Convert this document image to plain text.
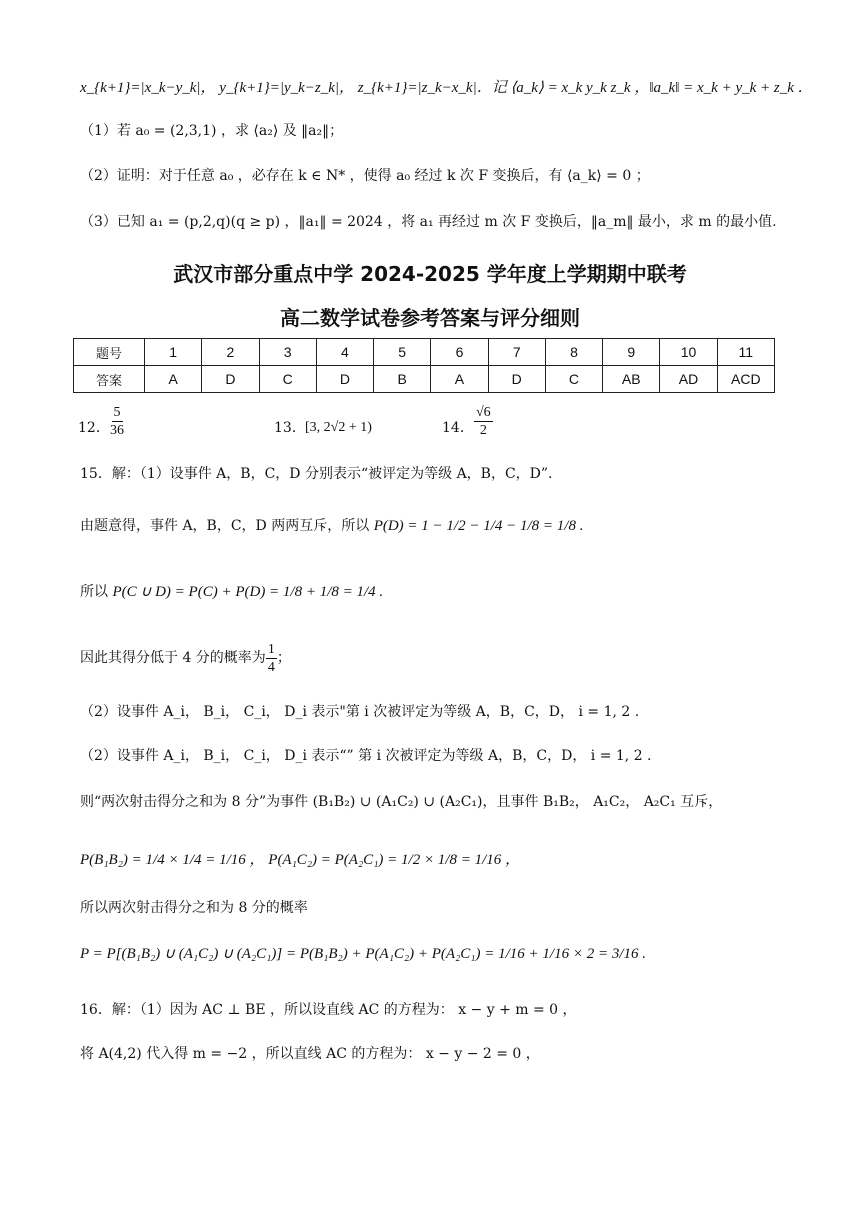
x_{k+1}=|x_k−y_k|， y_{k+1}=|y_k−z_k|， z_{k+1}=|z_k−x_k|．记 ⟨a_k⟩ = x_k y_k z_k ，‖a_k‖ = x_k + y_k + z_k ．
（1）若 a₀ = (2,3,1) ，求 ⟨a₂⟩ 及 ‖a₂‖；
（2）证明：对于任意 a₀ ，必存在 k ∈ N* ，使得 a₀ 经过 k 次 F 变换后，有 ⟨a_k⟩ = 0 ；
（3）已知 a₁ = (p,2,q)(q ≥ p) ，‖a₁‖ = 2024 ，将 a₁ 再经过 m 次 F 变换后，‖a_m‖ 最小，求 m 的最小值.
武汉市部分重点中学 2024-2025 学年度上学期期中联考
高二数学试卷参考答案与评分细则
题号	1	2	3	4	5	6	7	8	9	10	11
答案	A	D	C	D	B	A	D	C	AB	AD	ACD
12．
$\frac{5}{36}$	13． [3, 2√2 + 1)	14． $\frac{√6}{2}$
15．解：（1）设事件 A，B，C，D 分别表示“被评定为等级 A，B，C，D”.
由题意得，事件 A，B，C，D 两两互斥，所以 P(D) = 1 − 1/2 − 1/4 − 1/8 = 1/8 .
所以 P(C ∪ D) = P(C) + P(D) = 1/8 + 1/8 = 1/4 .
因此其得分低于 4 分的概率为 $\frac{1}{4}$ ；
（2）设事件 A_i， B_i， C_i， D_i 表示"第 i 次被评定为等级 A，B，C，D， i = 1, 2 .
（2）设事件 A_i， B_i， C_i， D_i 表示“” 第 i 次被评定为等级 A，B，C，D， i = 1, 2 .
则“两次射击得分之和为 8 分”为事件 (B₁B₂) ∪ (A₁C₂) ∪ (A₂C₁)，且事件 B₁B₂， A₁C₂， A₂C₁ 互斥，
P(B₁B₂) = 1/4 × 1/4 = 1/16 ， P(A₁C₂) = P(A₂C₁) = 1/2 × 1/8 = 1/16 ，
所以两次射击得分之和为 8 分的概率
P = P[(B₁B₂) ∪ (A₁C₂) ∪ (A₂C₁)] = P(B₁B₂) + P(A₁C₂) + P(A₂C₁) = 1/16 + 1/16 × 2 = 3/16 .
16．解：（1）因为 AC ⊥ BE ，所以设直线 AC 的方程为： x − y + m = 0 ，
将 A(4,2) 代入得 m = −2 ，所以直线 AC 的方程为： x − y − 2 = 0 ，
